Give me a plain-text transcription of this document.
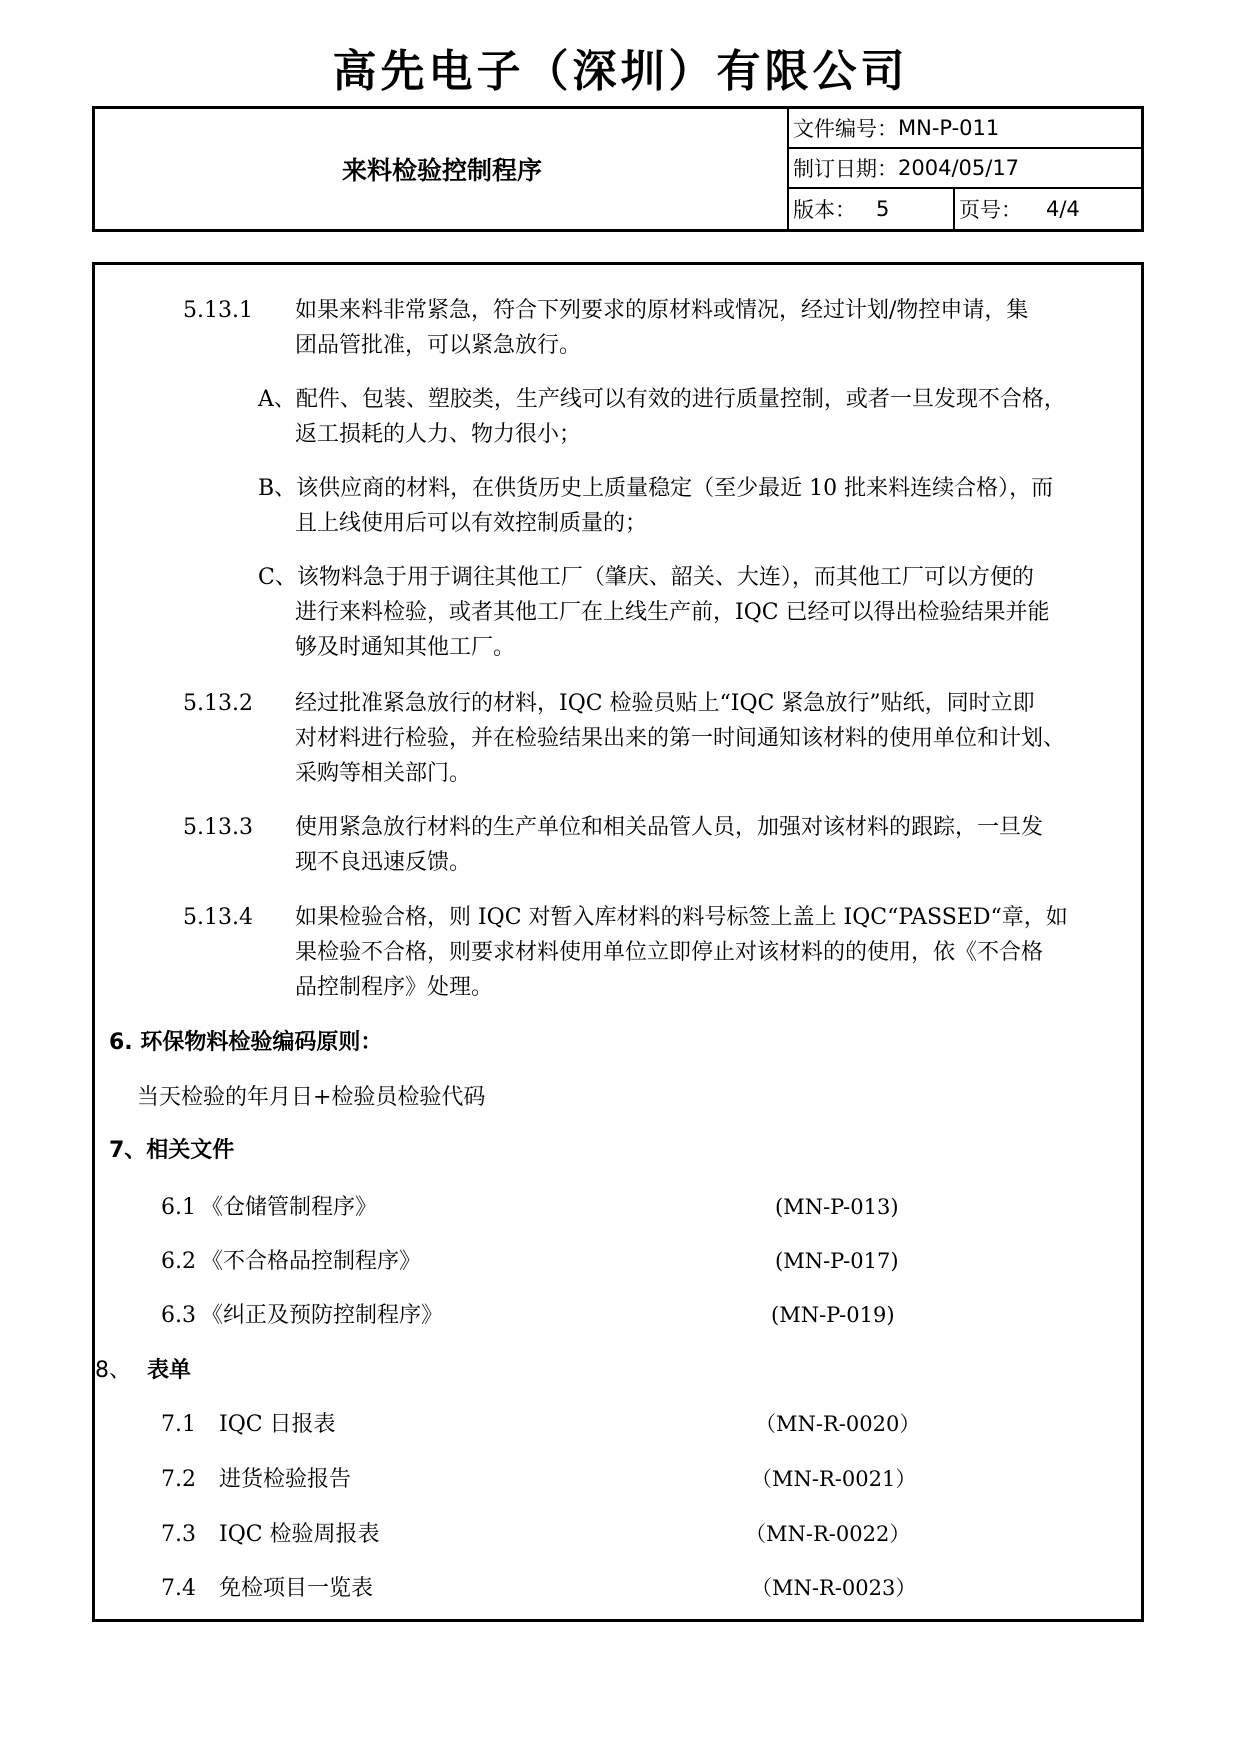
高先电子（深圳）有限公司
来料检验控制程序
文件编号： MN-P-011
制订日期： 2004/05/17
版本： 5	页号： 4/4
5.13.1 如果来料非常紧急，符合下列要求的原材料或情况，经过计划/物控申请，集
团品管批准，可以紧急放行。
A、配件、包装、塑胶类，生产线可以有效的进行质量控制，或者一旦发现不合格，
返工损耗的人力、物力很小；
B、该供应商的材料，在供货历史上质量稳定（至少最近 10 批来料连续合格），而
且上线使用后可以有效控制质量的；
C、该物料急于用于调往其他工厂（肇庆、韶关、大连），而其他工厂可以方便的
进行来料检验，或者其他工厂在上线生产前，IQC 已经可以得出检验结果并能
够及时通知其他工厂。
5.13.2 经过批准紧急放行的材料，IQC 检验员贴上“IQC 紧急放行”贴纸，同时立即
对材料进行检验，并在检验结果出来的第一时间通知该材料的使用单位和计划、
采购等相关部门。
5.13.3 使用紧急放行材料的生产单位和相关品管人员，加强对该材料的跟踪，一旦发
现不良迅速反馈。
5.13.4 如果检验合格，则 IQC 对暂入库材料的料号标签上盖上 IQC“PASSED“章，如
果检验不合格，则要求材料使用单位立即停止对该材料的的使用，依《不合格
品控制程序》处理。
6. 环保物料检验编码原则：
当天检验的年月日+检验员检验代码
7、相关文件
6.1 《仓储管制程序》	(MN-P-013)
6.2 《不合格品控制程序》	(MN-P-017)
6.3 《纠正及预防控制程序》	(MN-P-019)
8、 表单
7.1 IQC 日报表	（MN-R-0020）
7.2 进货检验报告	（MN-R-0021）
7.3 IQC 检验周报表	（MN-R-0022）
7.4 免检项目一览表	（MN-R-0023）
